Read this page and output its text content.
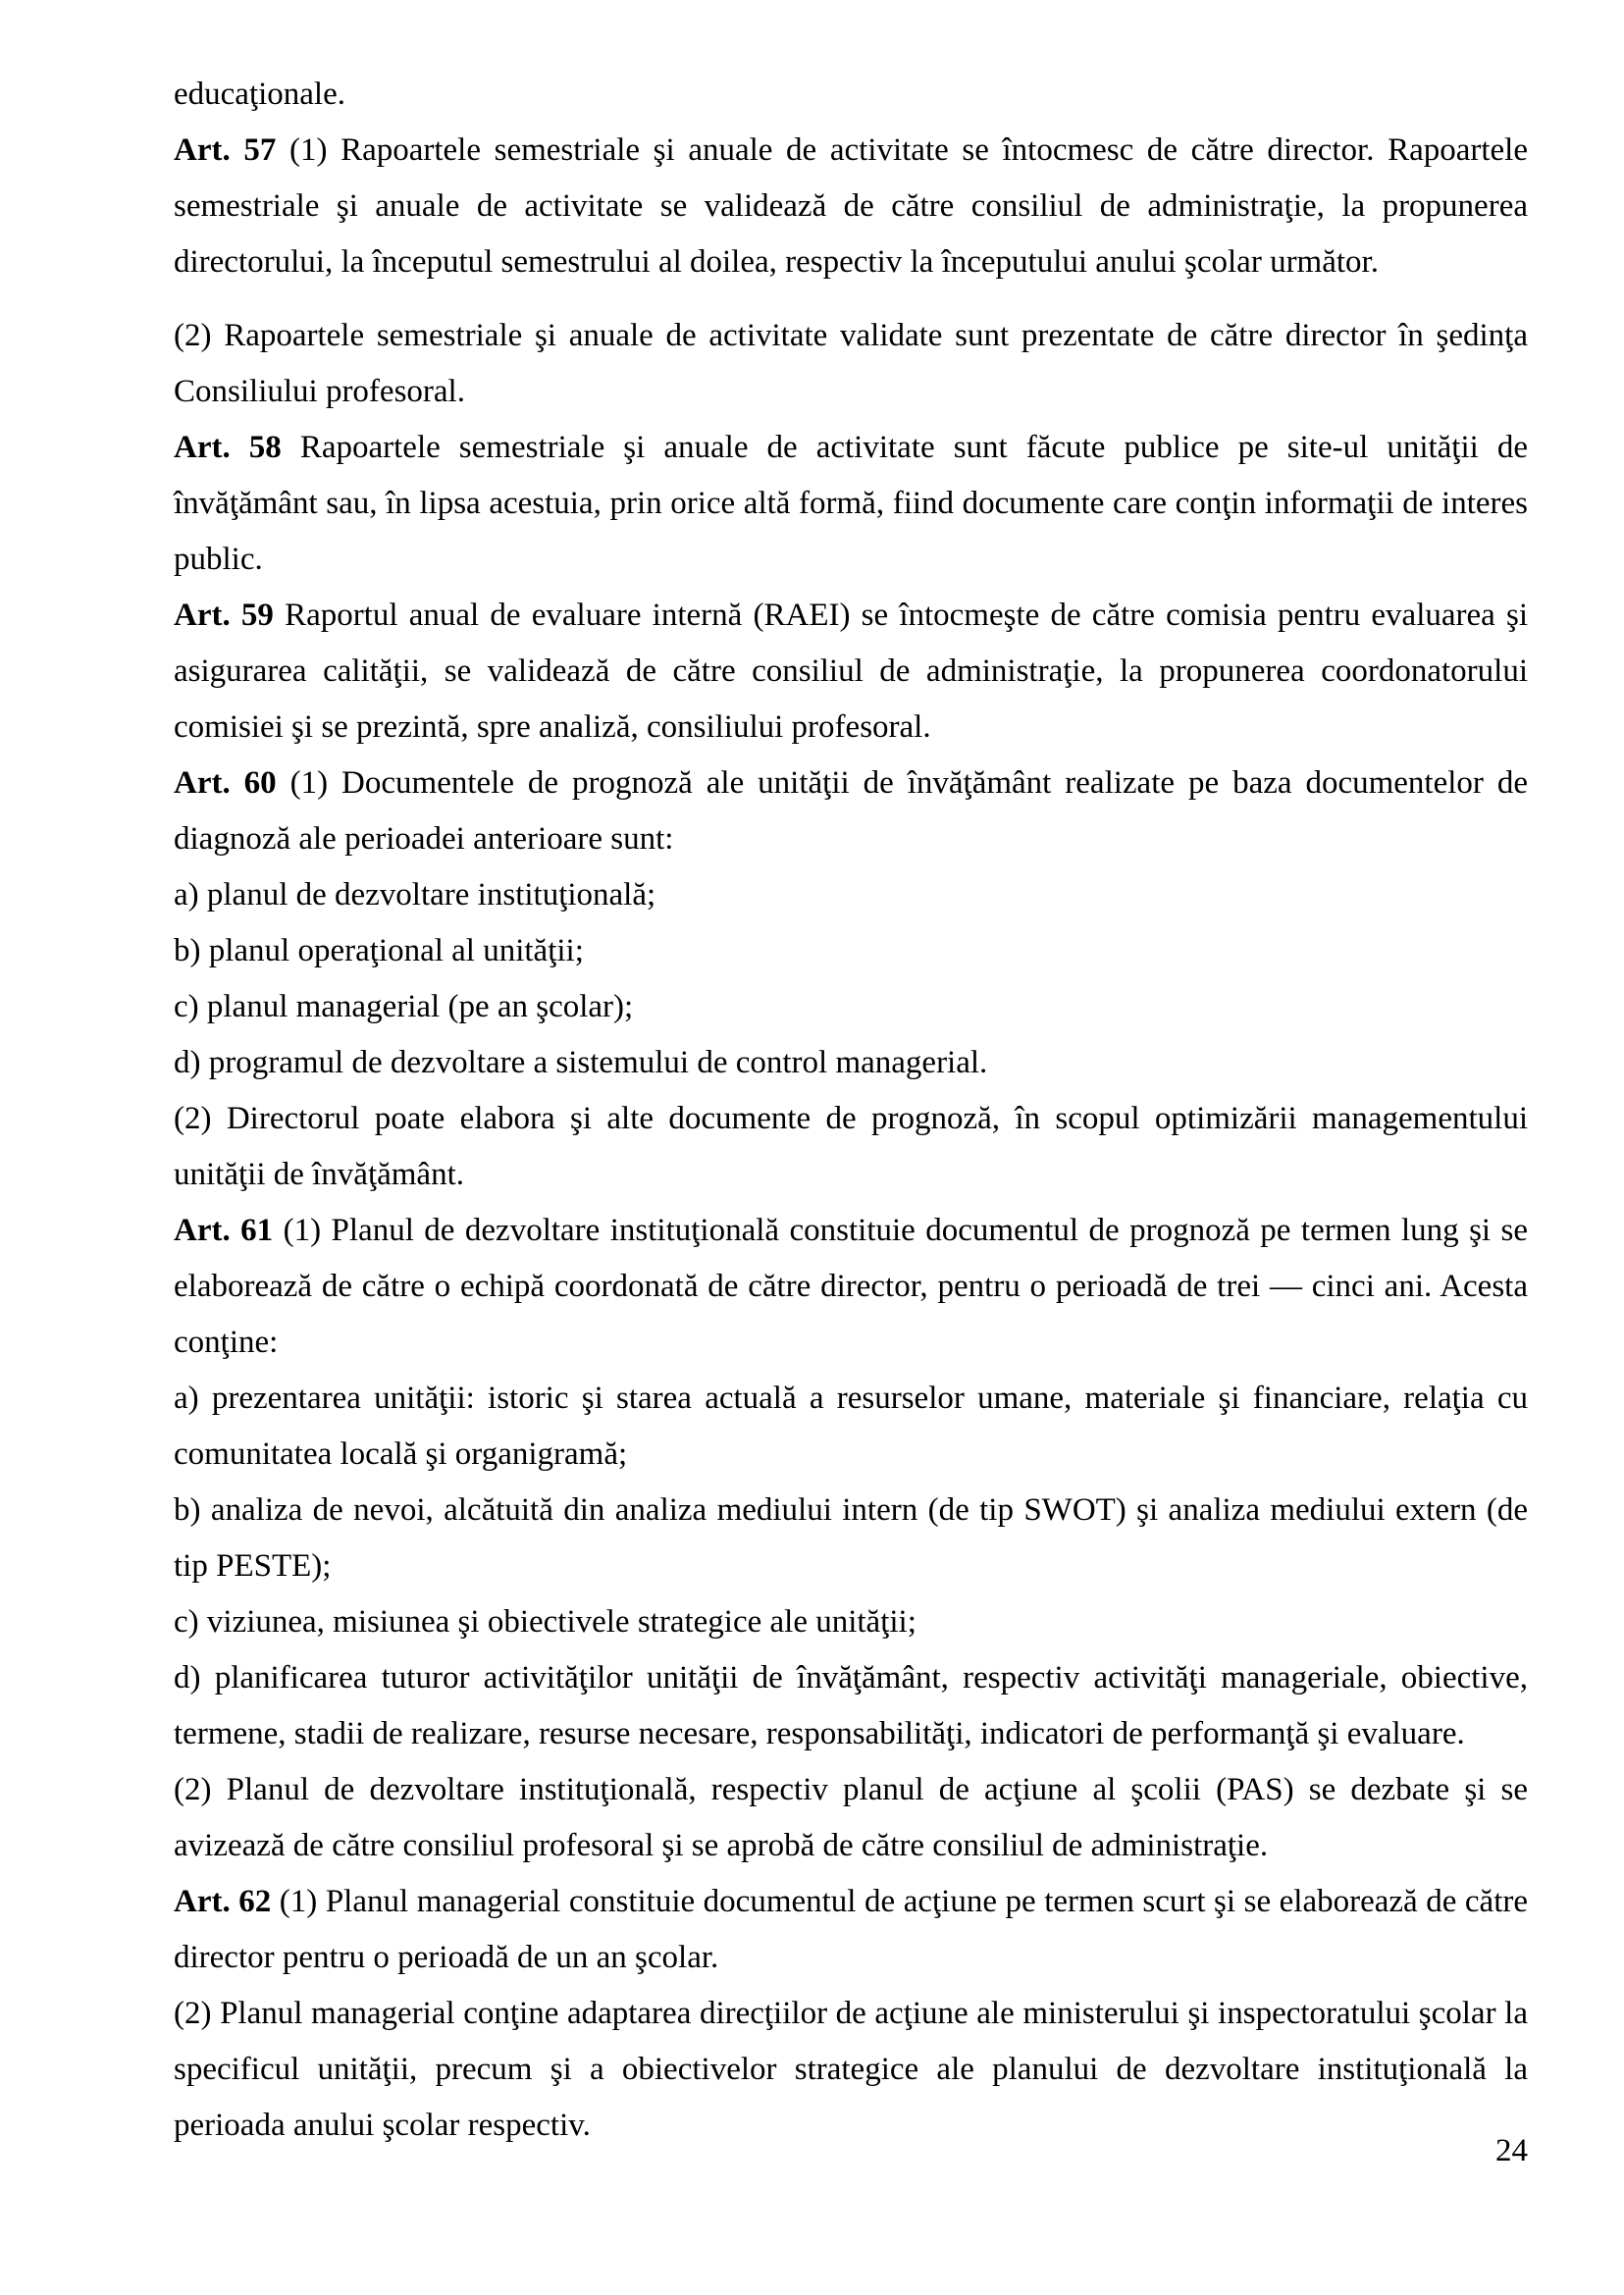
educaţionale.

Art. 57 (1) Rapoartele semestriale şi anuale de activitate se întocmesc de către director. Rapoartele semestriale şi anuale de activitate se validează de către consiliul de administraţie, la propunerea directorului, la începutul semestrului al doilea, respectiv la începutului anului şcolar următor.

(2) Rapoartele semestriale şi anuale de activitate validate sunt prezentate de către director în şedinţa Consiliului profesoral.

Art. 58 Rapoartele semestriale şi anuale de activitate sunt făcute publice pe site-ul unităţii de învăţământ sau, în lipsa acestuia, prin orice altă formă, fiind documente care conţin informaţii de interes public.

Art. 59 Raportul anual de evaluare internă (RAEI) se întocmeşte de către comisia pentru evaluarea şi asigurarea calităţii, se validează de către consiliul de administraţie, la propunerea coordonatorului comisiei şi se prezintă, spre analiză, consiliului profesoral.

Art. 60 (1) Documentele de prognoză ale unităţii de învăţământ realizate pe baza documentelor de diagnoză ale perioadei anterioare sunt:

a) planul de dezvoltare instituţională;

b) planul operaţional al unităţii;

c) planul managerial (pe an şcolar);

d) programul de dezvoltare a sistemului de control managerial.

(2) Directorul poate elabora şi alte documente de prognoză, în scopul optimizării managementului unităţii de învăţământ.

Art. 61 (1) Planul de dezvoltare instituţională constituie documentul de prognoză pe termen lung şi se elaborează de către o echipă coordonată de către director, pentru o perioadă de trei — cinci ani. Acesta conţine:

a) prezentarea unităţii: istoric şi starea actuală a resurselor umane, materiale şi financiare, relaţia cu comunitatea locală şi organigramă;

b) analiza de nevoi, alcătuită din analiza mediului intern (de tip SWOT) şi analiza mediului extern (de tip PESTE);

c) viziunea, misiunea şi obiectivele strategice ale unităţii;

d) planificarea tuturor activităţilor unităţii de învăţământ, respectiv activităţi manageriale, obiective, termene, stadii de realizare, resurse necesare, responsabilităţi, indicatori de performanţă şi evaluare.

(2) Planul de dezvoltare instituţională, respectiv planul de acţiune al şcolii (PAS) se dezbate şi se avizează de către consiliul profesoral şi se aprobă de către consiliul de administraţie.

Art. 62 (1) Planul managerial constituie documentul de acţiune pe termen scurt şi se elaborează de către director pentru o perioadă de un an şcolar.

(2) Planul managerial conţine adaptarea direcţiilor de acţiune ale ministerului şi inspectoratului şcolar la specificul unităţii, precum şi a obiectivelor strategice ale planului de dezvoltare instituţională la perioada anului şcolar respectiv.

24
